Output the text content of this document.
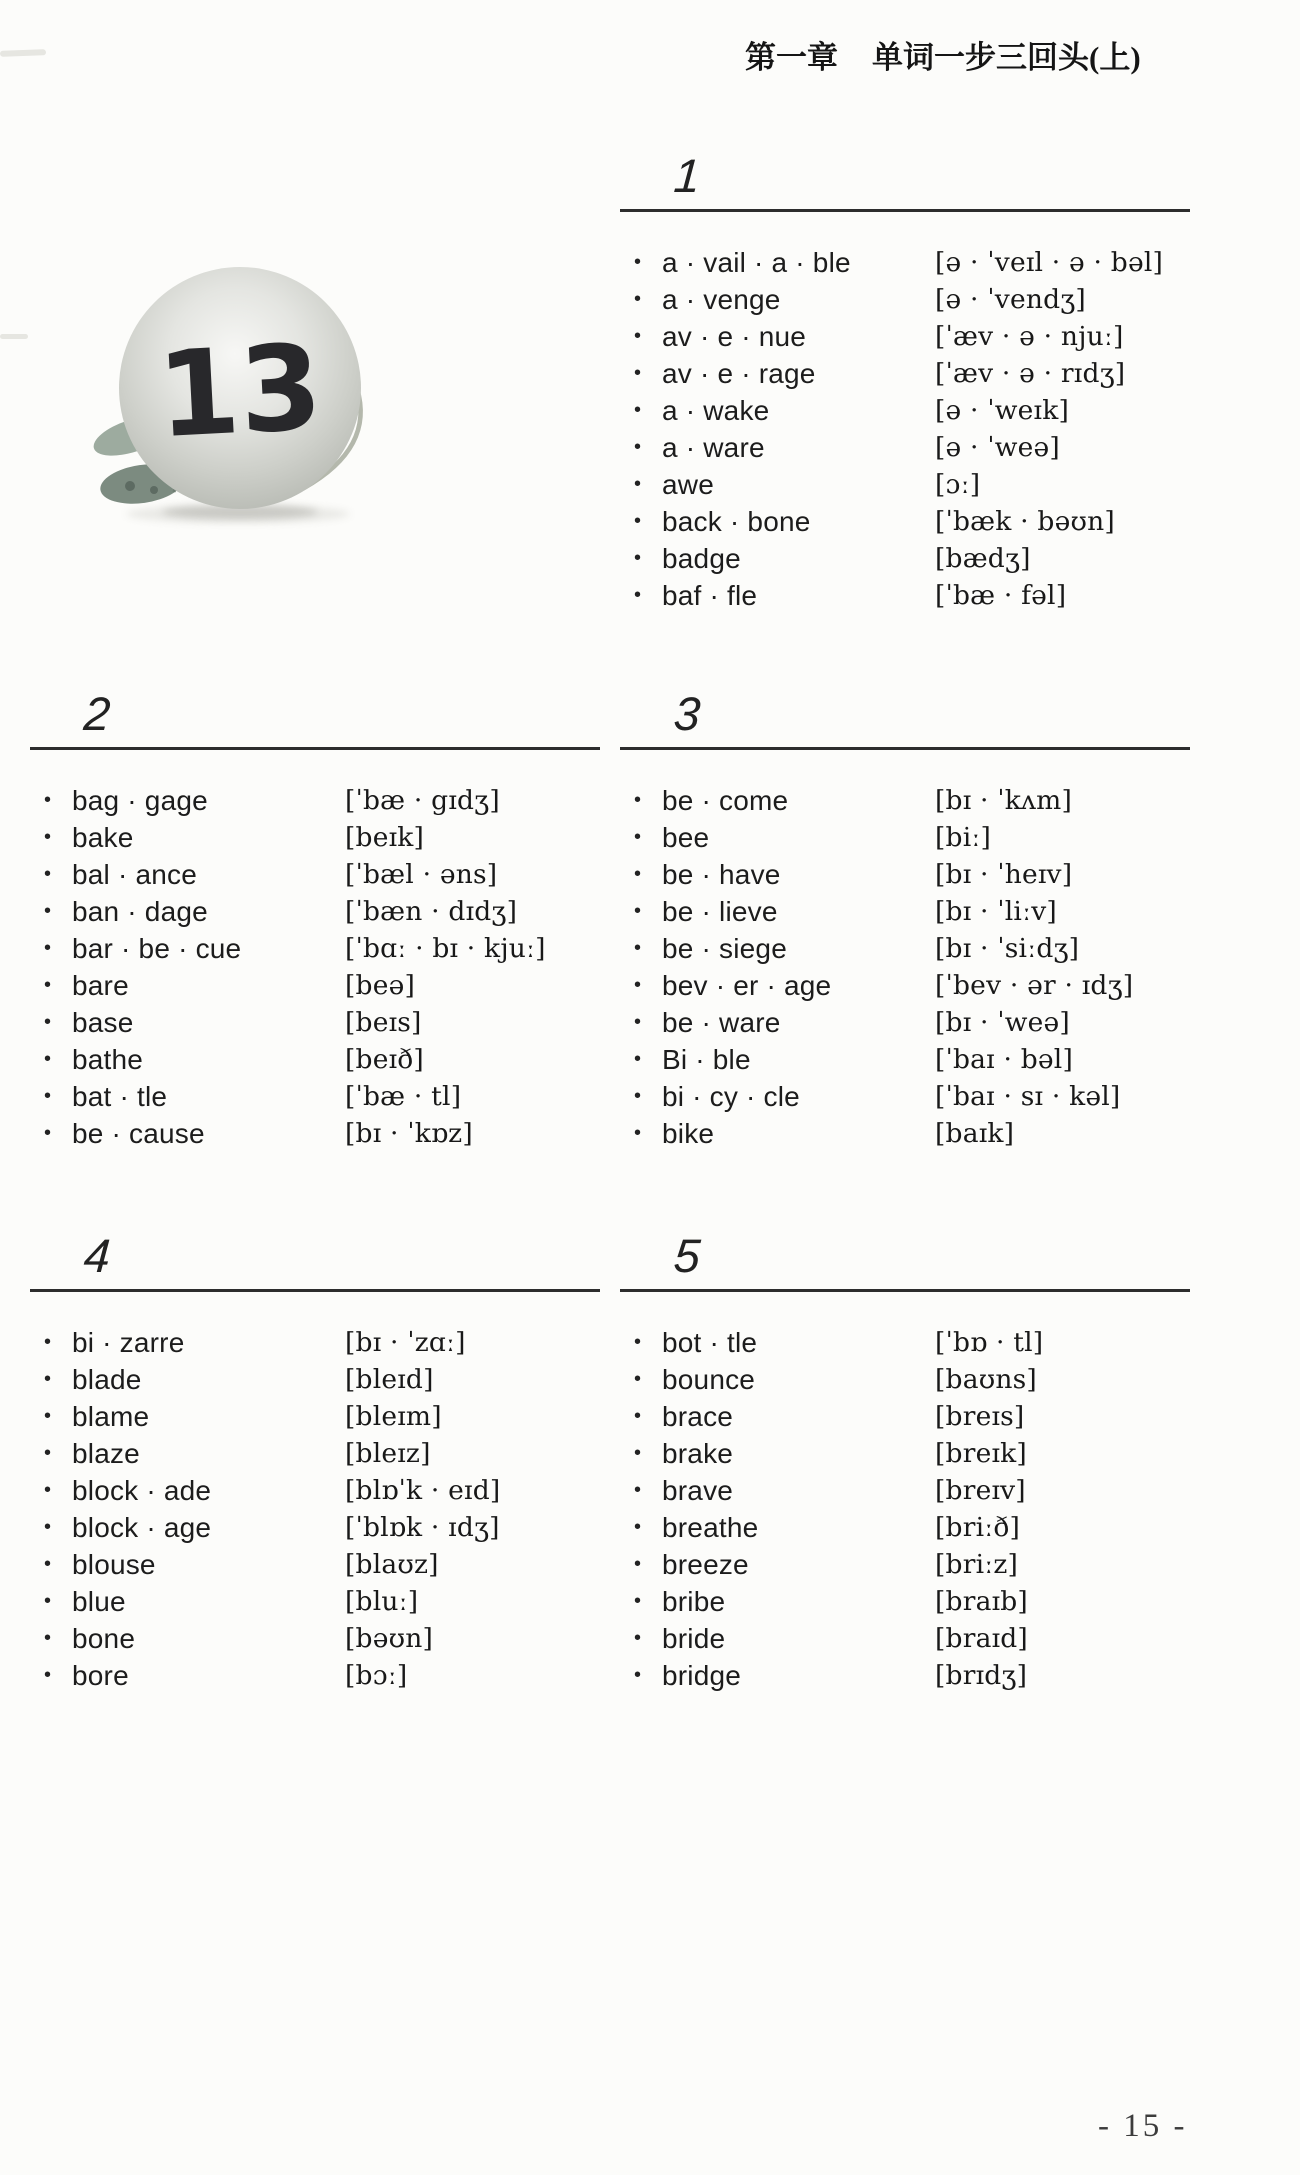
第一章 单词一步三回头(上)
13
1
• a · vail · a · ble	[ə · ˈveɪl · ə · bəl]
• a · venge	[ə · ˈvendʒ]
• av · e · nue	[ˈæv · ə · njuː]
• av · e · rage	[ˈæv · ə · rɪdʒ]
• a · wake	[ə · ˈweɪk]
• a · ware	[ə · ˈweə]
• awe	[ɔː]
• back · bone	[ˈbæk · bəʊn]
• badge	[bædʒ]
• baf · fle	[ˈbæ · fəl]
2
• bag · gage	[ˈbæ · gɪdʒ]
• bake	[beɪk]
• bal · ance	[ˈbæl · əns]
• ban · dage	[ˈbæn · dɪdʒ]
• bar · be · cue	[ˈbɑː · bɪ · kjuː]
• bare	[beə]
• base	[beɪs]
• bathe	[beɪð]
• bat · tle	[ˈbæ · tl]
• be · cause	[bɪ · ˈkɒz]
3
• be · come	[bɪ · ˈkʌm]
• bee	[biː]
• be · have	[bɪ · ˈheɪv]
• be · lieve	[bɪ · ˈliːv]
• be · siege	[bɪ · ˈsiːdʒ]
• bev · er · age	[ˈbev · ər · ɪdʒ]
• be · ware	[bɪ · ˈweə]
• Bi · ble	[ˈbaɪ · bəl]
• bi · cy · cle	[ˈbaɪ · sɪ · kəl]
• bike	[baɪk]
4
• bi · zarre	[bɪ · ˈzɑː]
• blade	[bleɪd]
• blame	[bleɪm]
• blaze	[bleɪz]
• block · ade	[blɒˈk · eɪd]
• block · age	[ˈblɒk · ɪdʒ]
• blouse	[blaʊz]
• blue	[bluː]
• bone	[bəʊn]
• bore	[bɔː]
5
• bot · tle	[ˈbɒ · tl]
• bounce	[baʊns]
• brace	[breɪs]
• brake	[breɪk]
• brave	[breɪv]
• breathe	[briːð]
• breeze	[briːz]
• bribe	[braɪb]
• bride	[braɪd]
• bridge	[brɪdʒ]
- 15 -
